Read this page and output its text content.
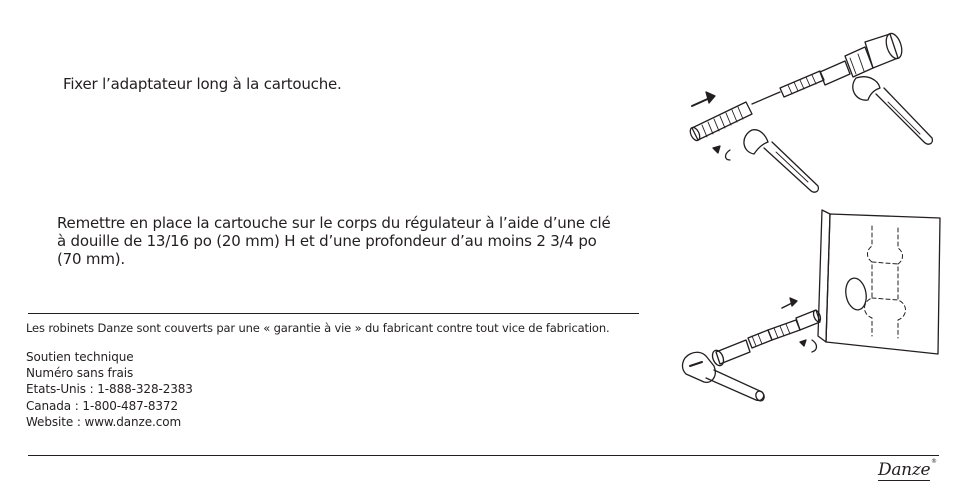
Fixer l’adaptateur long à la cartouche.
Remettre en place la cartouche sur le corps du régulateur à l’aide d’une clé à douille de 13/16 po (20 mm) H et d’une profondeur d’au moins 2 3/4 po (70 mm).
Les robinets Danze sont couverts par une « garantie à vie » du fabricant contre tout vice de fabrication.
Soutien technique
Numéro sans frais
Etats-Unis : 1-888-328-2383
Canada : 1-800-487-8372
Website : www.danze.com
Danze ®
